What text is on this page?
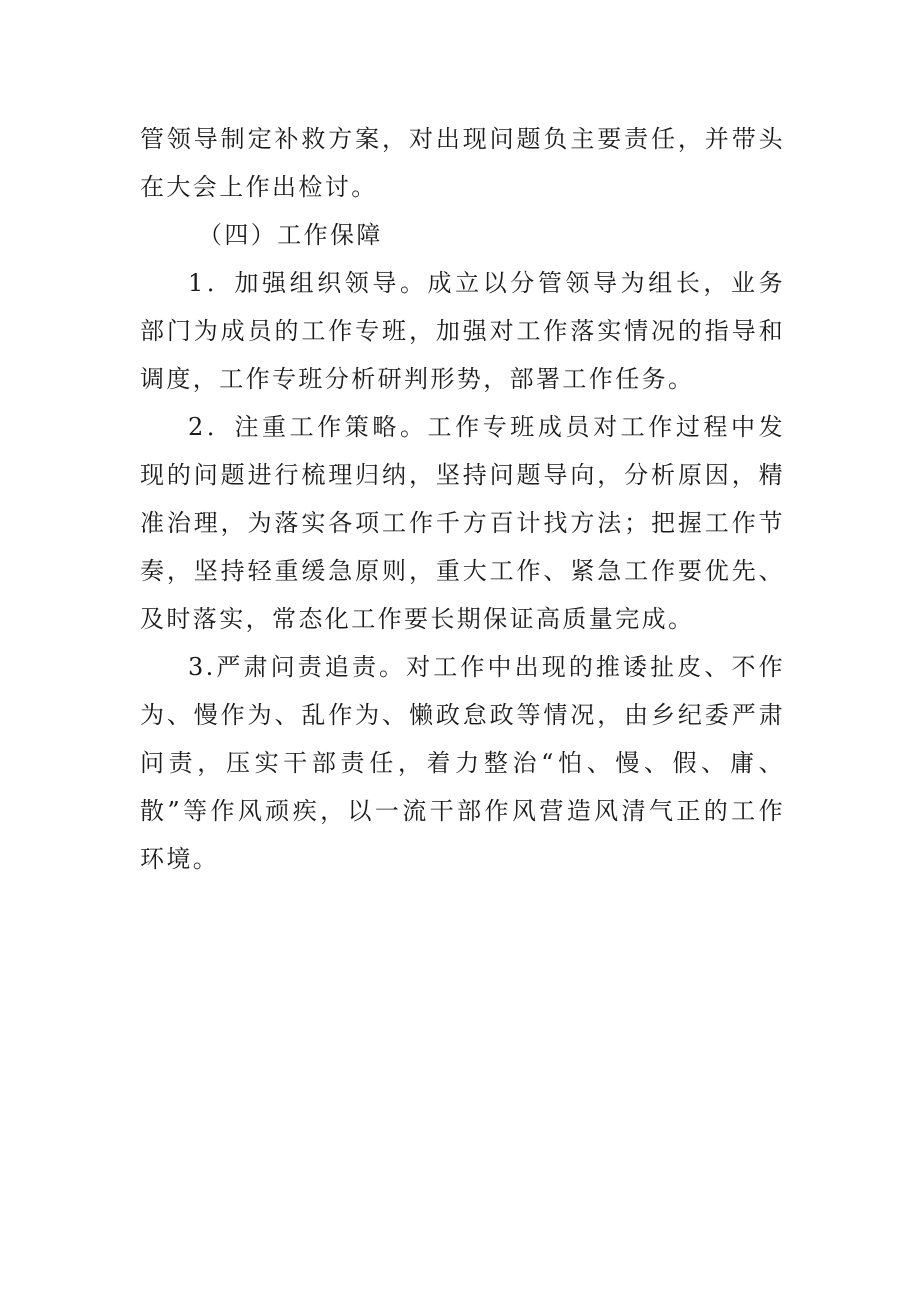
管领导制定补救方案，对出现问题负主要责任，并带头在大会上作出检讨。

（四）工作保障

1．加强组织领导。成立以分管领导为组长，业务部门为成员的工作专班，加强对工作落实情况的指导和调度，工作专班分析研判形势，部署工作任务。

2．注重工作策略。工作专班成员对工作过程中发现的问题进行梳理归纳，坚持问题导向，分析原因，精准治理，为落实各项工作千方百计找方法；把握工作节奏，坚持轻重缓急原则，重大工作、紧急工作要优先、及时落实，常态化工作要长期保证高质量完成。

3.严肃问责追责。对工作中出现的推诿扯皮、不作为、慢作为、乱作为、懒政怠政等情况，由乡纪委严肃问责，压实干部责任，着力整治“怕、慢、假、庸、散”等作风顽疾，以一流干部作风营造风清气正的工作环境。
